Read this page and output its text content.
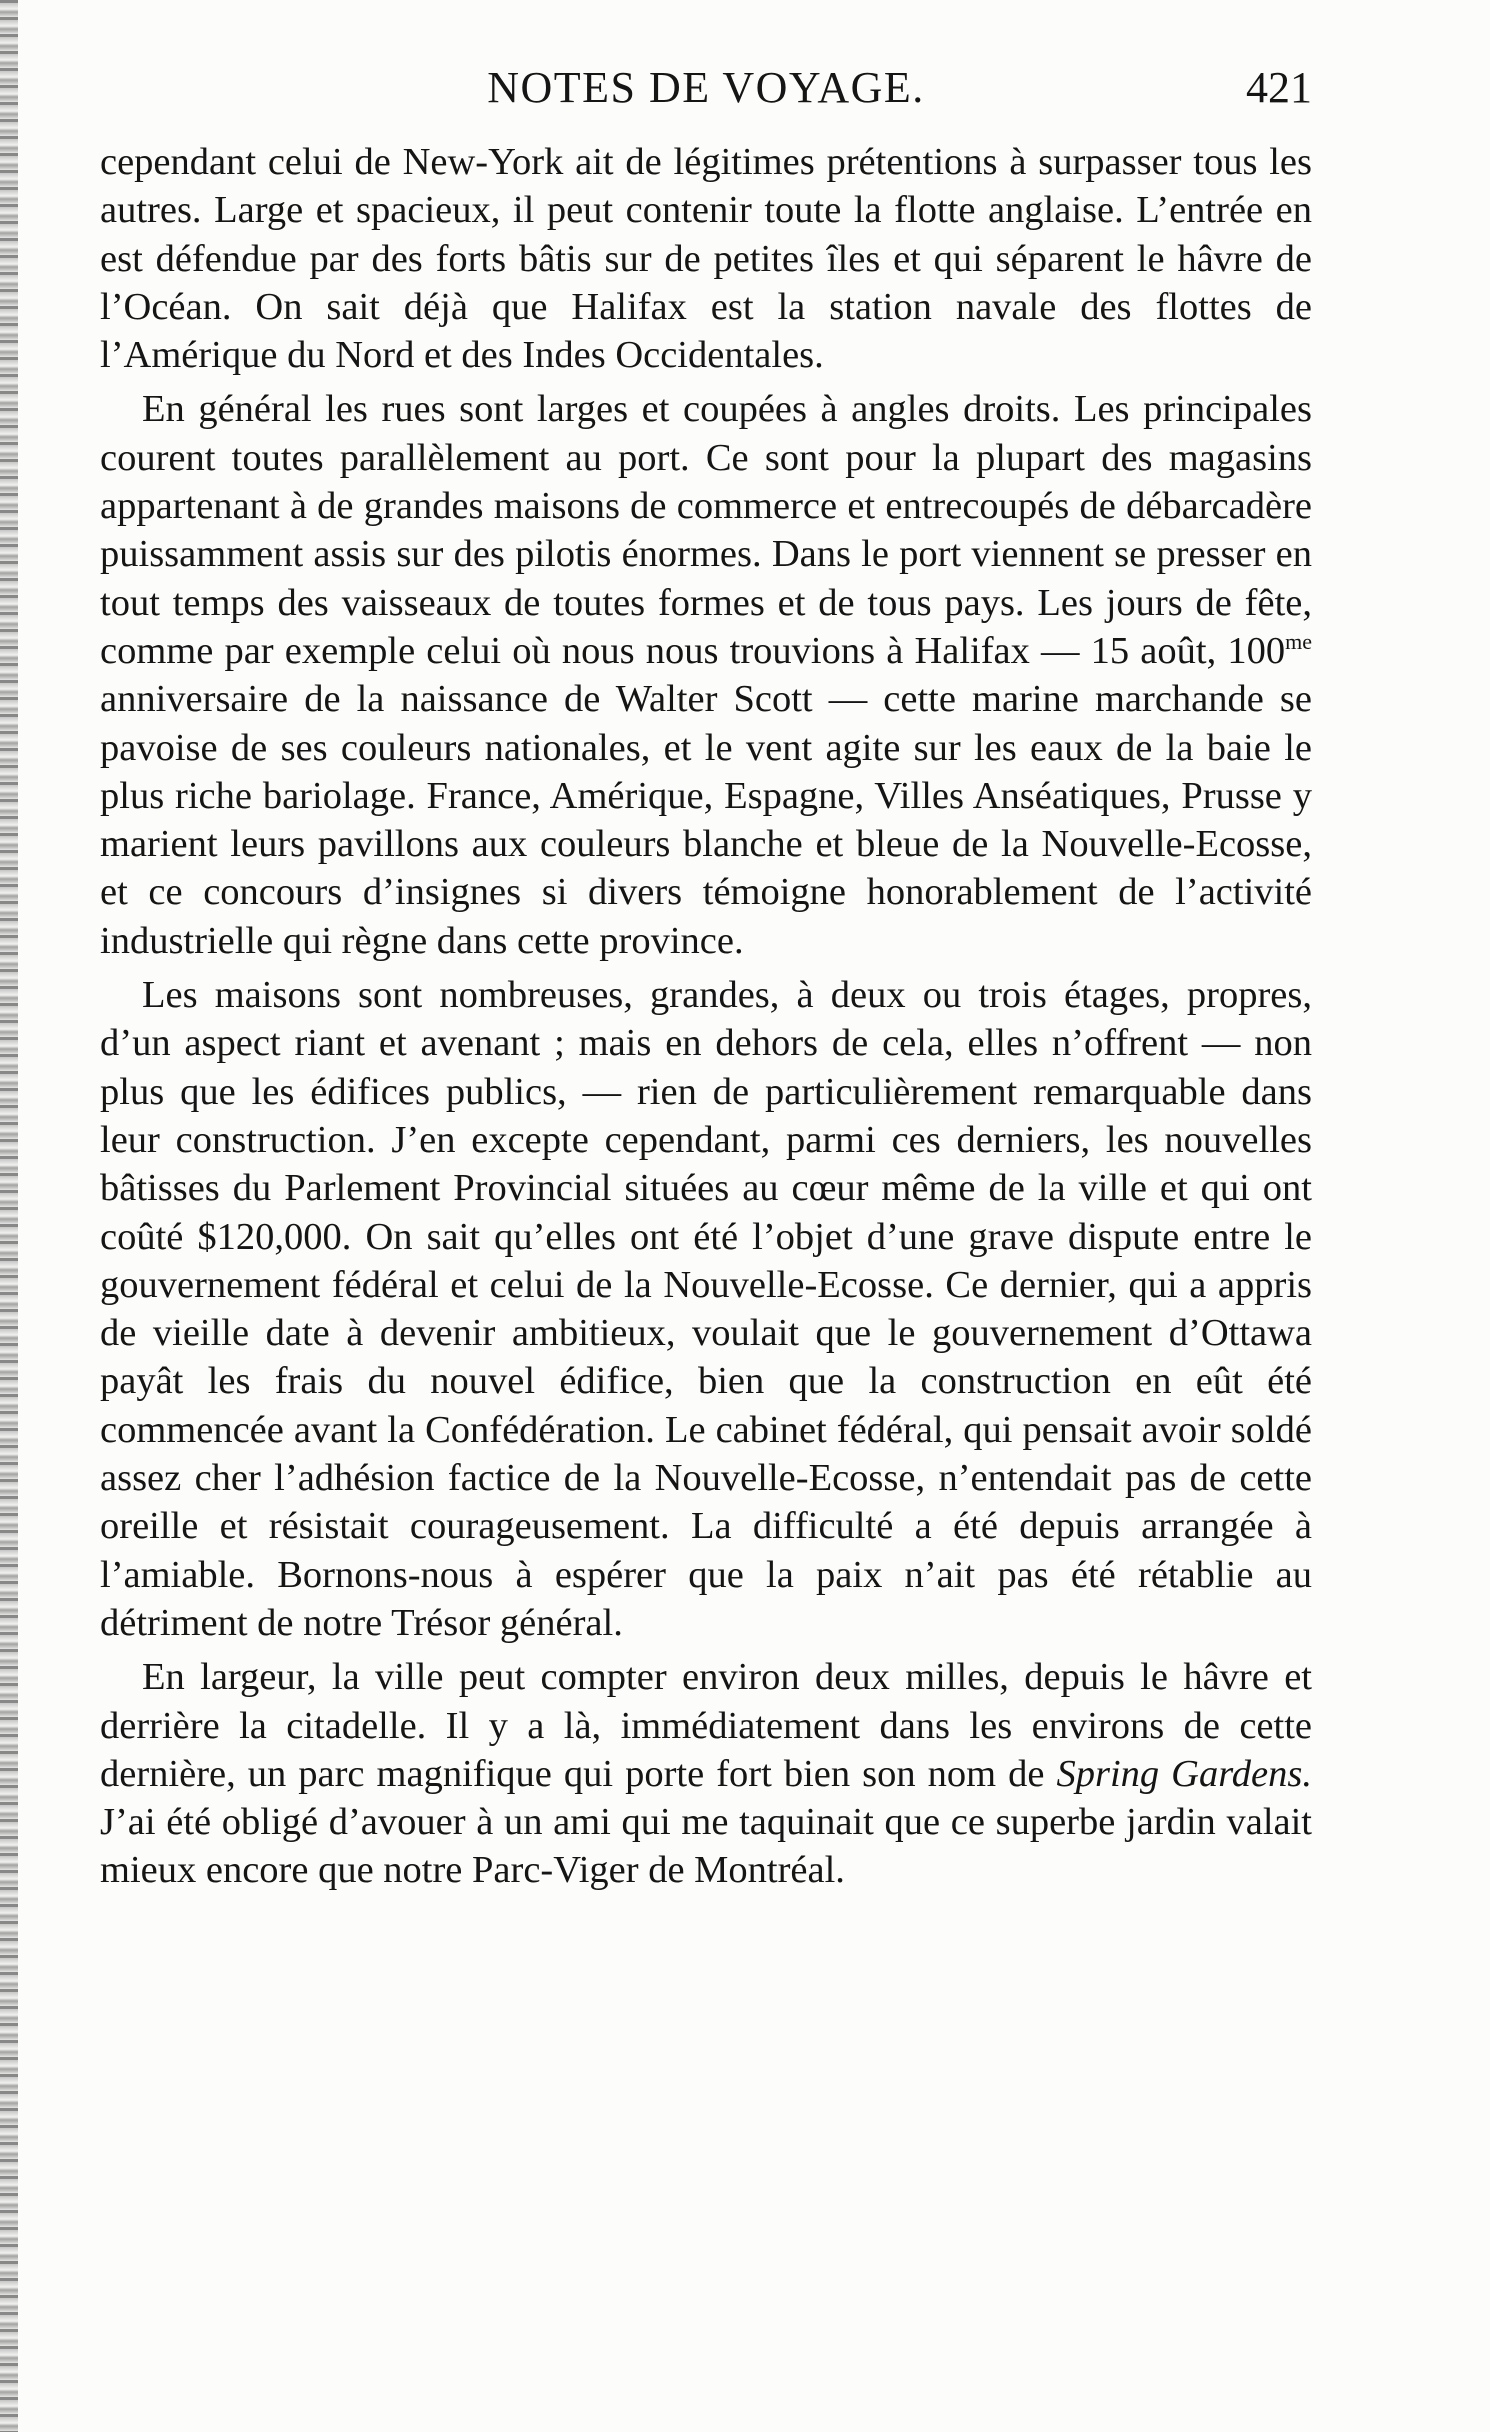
NOTES DE VOYAGE.	421

cependant celui de New-York ait de légitimes prétentions à surpasser tous les autres. Large et spacieux, il peut contenir toute la flotte anglaise. L’entrée en est défendue par des forts bâtis sur de petites îles et qui séparent le hâvre de l’Océan. On sait déjà que Halifax est la station navale des flottes de l’Amérique du Nord et des Indes Occidentales.

En général les rues sont larges et coupées à angles droits. Les principales courent toutes parallèlement au port. Ce sont pour la plupart des magasins appartenant à de grandes maisons de commerce et entrecoupés de débarcadère puissamment assis sur des pilotis énormes. Dans le port viennent se presser en tout temps des vaisseaux de toutes formes et de tous pays. Les jours de fête, comme par exemple celui où nous nous trouvions à Halifax — 15 août, $100^{me}$ anniversaire de la naissance de Walter Scott — cette marine marchande se pavoise de ses couleurs nationales, et le vent agite sur les eaux de la baie le plus riche bariolage. France, Amérique, Espagne, Villes Anséatiques, Prusse y marient leurs pavillons aux couleurs blanche et bleue de la Nouvelle-Ecosse, et ce concours d’insignes si divers témoigne honorablement de l’activité industrielle qui règne dans cette province.

Les maisons sont nombreuses, grandes, à deux ou trois étages, propres, d’un aspect riant et avenant ; mais en dehors de cela, elles n’offrent — non plus que les édifices publics, — rien de particulièrement remarquable dans leur construction. J’en excepte cependant, parmi ces derniers, les nouvelles bâtisses du Parlement Provincial situées au cœur même de la ville et qui ont coûté $120,000. On sait qu’elles ont été l’objet d’une grave dispute entre le gouvernement fédéral et celui de la Nouvelle-Ecosse. Ce dernier, qui a appris de vieille date à devenir ambitieux, voulait que le gouvernement d’Ottawa payât les frais du nouvel édifice, bien que la construction en eût été commencée avant la Confédération. Le cabinet fédéral, qui pensait avoir soldé assez cher l’adhésion factice de la Nouvelle-Ecosse, n’entendait pas de cette oreille et résistait courageusement. La difficulté a été depuis arrangée à l’amiable. Bornons-nous à espérer que la paix n’ait pas été rétablie au détriment de notre Trésor général.

En largeur, la ville peut compter environ deux milles, depuis le hâvre et derrière la citadelle. Il y a là, immédiatement dans les environs de cette dernière, un parc magnifique qui porte fort bien son nom de Spring Gardens. J’ai été obligé d’avouer à un ami qui me taquinait que ce superbe jardin valait mieux encore que notre Parc-Viger de Montréal.
